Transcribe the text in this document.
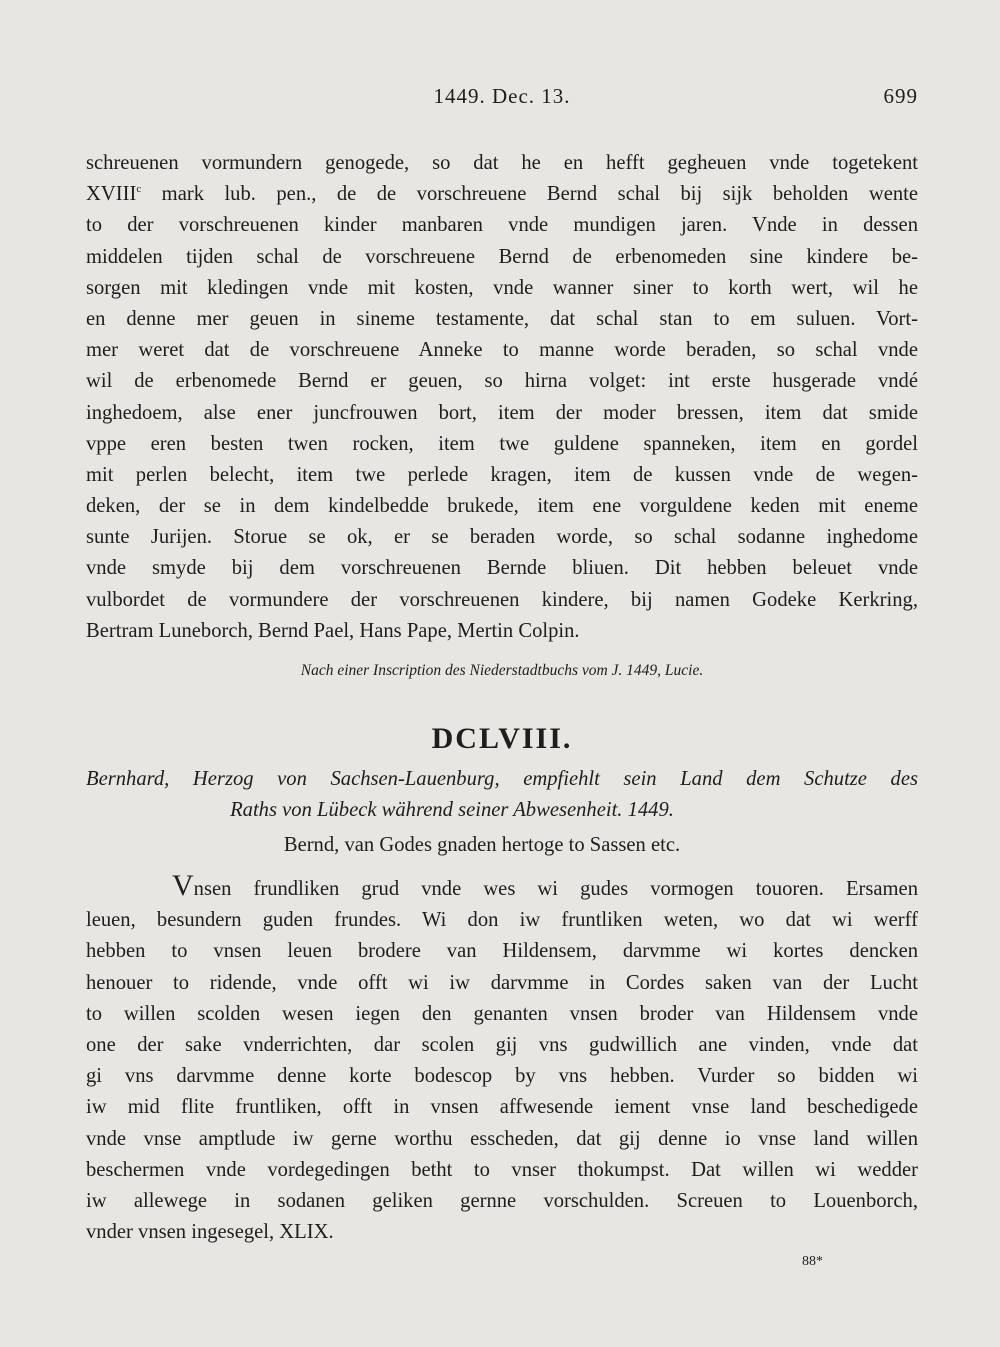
1449. Dec. 13.	699
schreuenen vormundern genogede, so dat he en hefft gegheuen vnde togetekent
XVIII$^c$ mark lub. pen., de de vorschreuene Bernd schal bij sijk beholden wente
to der vorschreuenen kinder manbaren vnde mundigen jaren. Vnde in dessen
middelen tijden schal de vorschreuene Bernd de erbenomeden sine kindere be-
sorgen mit kledingen vnde mit kosten, vnde wanner siner to korth wert, wil he
en denne mer geuen in sineme testamente, dat schal stan to em suluen. Vort-
mer weret dat de vorschreuene Anneke to manne worde beraden, so schal vnde
wil de erbenomede Bernd er geuen, so hirna volget: int erste husgerade vndé
inghedoem, alse ener juncfrouwen bort, item der moder bressen, item dat smide
vppe eren besten twen rocken, item twe guldene spanneken, item en gordel
mit perlen belecht, item twe perlede kragen, item de kussen vnde de wegen-
deken, der se in dem kindelbedde brukede, item ene vorguldene keden mit eneme
sunte Jurijen. Storue se ok, er se beraden worde, so schal sodanne inghedome
vnde smyde bij dem vorschreuenen Bernde bliuen. Dit hebben beleuet vnde
vulbordet de vormundere der vorschreuenen kindere, bij namen Godeke Kerkring,
Bertram Luneborch, Bernd Pael, Hans Pape, Mertin Colpin.
Nach einer Inscription des Niederstadtbuchs vom J. 1449, Lucie.
DCLVIII.
Bernhard, Herzog von Sachsen-Lauenburg, empfiehlt sein Land dem Schutze des
Raths von Lübeck während seiner Abwesenheit. 1449.
Bernd, van Godes gnaden hertoge to Sassen etc.
Vnsen frundliken grud vnde wes wi gudes vormogen touoren. Ersamen
leuen, besundern guden frundes. Wi don iw fruntliken weten, wo dat wi werff
hebben to vnsen leuen brodere van Hildensem, darvmme wi kortes dencken
henouer to ridende, vnde offt wi iw darvmme in Cordes saken van der Lucht
to willen scolden wesen iegen den genanten vnsen broder van Hildensem vnde
one der sake vnderrichten, dar scolen gij vns gudwillich ane vinden, vnde dat
gi vns darvmme denne korte bodescop by vns hebben. Vurder so bidden wi
iw mid flite fruntliken, offt in vnsen affwesende iement vnse land beschedigede
vnde vnse amptlude iw gerne worthu esscheden, dat gij denne io vnse land willen
beschermen vnde vordegedingen betht to vnser thokumpst. Dat willen wi wedder
iw allewege in sodanen geliken gernne vorschulden. Screuen to Louenborch,
vnder vnsen ingesegel, XLIX.
88*
